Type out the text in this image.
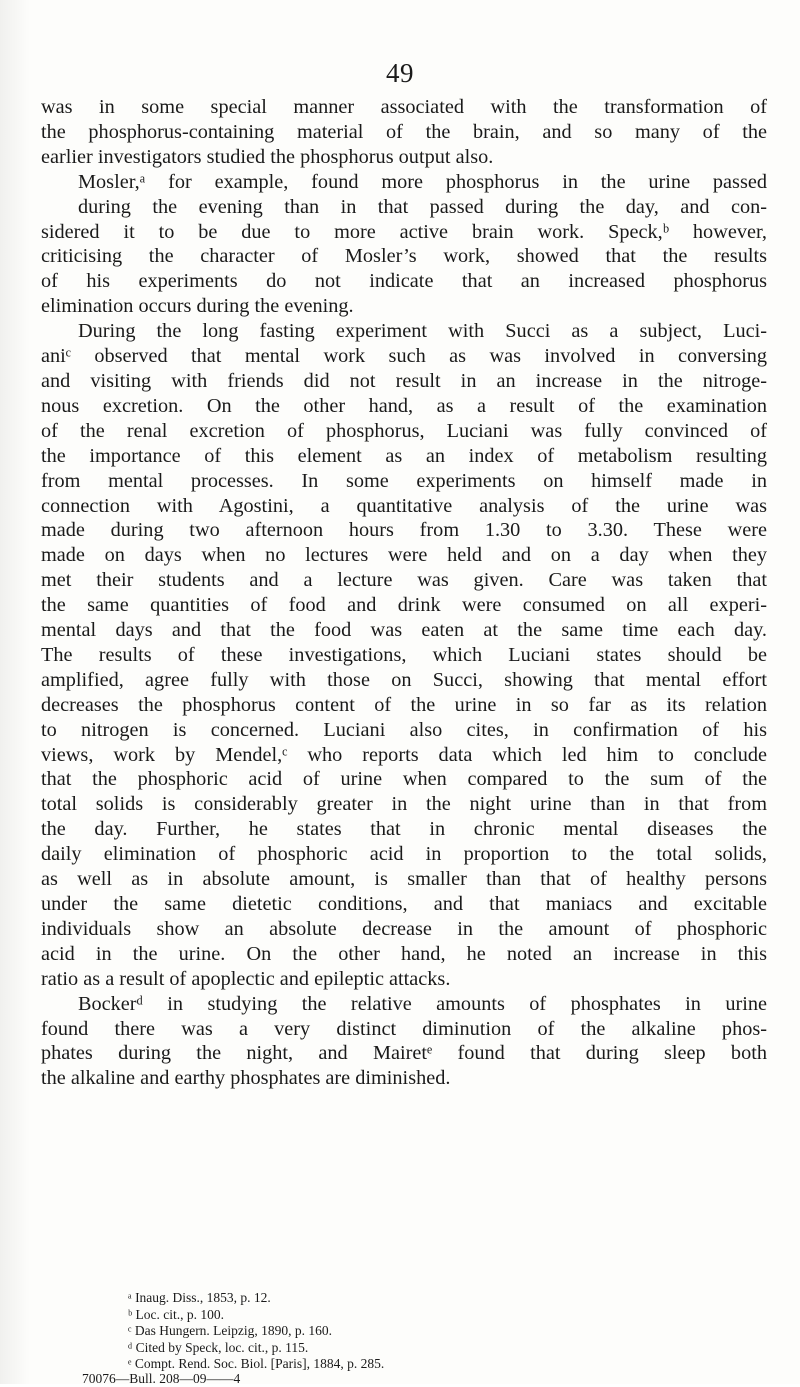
49

was in some special manner associated with the transformation of
the phosphorus-containing material of the brain, and so many of the
earlier investigators studied the phosphorus output also.

Mosler,ᵃ for example, found more phosphorus in the urine passed
during the evening than in that passed during the day, and con-
sidered it to be due to more active brain work. Speck,ᵇ however,
criticising the character of Mosler’s work, showed that the results
of his experiments do not indicate that an increased phosphorus
elimination occurs during the evening.

During the long fasting experiment with Succi as a subject, Luci-
aniᶜ observed that mental work such as was involved in conversing
and visiting with friends did not result in an increase in the nitroge-
nous excretion. On the other hand, as a result of the examination
of the renal excretion of phosphorus, Luciani was fully convinced of
the importance of this element as an index of metabolism resulting
from mental processes. In some experiments on himself made in
connection with Agostini, a quantitative analysis of the urine was
made during two afternoon hours from 1.30 to 3.30. These were
made on days when no lectures were held and on a day when they
met their students and a lecture was given. Care was taken that
the same quantities of food and drink were consumed on all experi-
mental days and that the food was eaten at the same time each day.
The results of these investigations, which Luciani states should be
amplified, agree fully with those on Succi, showing that mental effort
decreases the phosphorus content of the urine in so far as its relation
to nitrogen is concerned. Luciani also cites, in confirmation of his
views, work by Mendel,ᶜ who reports data which led him to conclude
that the phosphoric acid of urine when compared to the sum of the
total solids is considerably greater in the night urine than in that from
the day. Further, he states that in chronic mental diseases the
daily elimination of phosphoric acid in proportion to the total solids,
as well as in absolute amount, is smaller than that of healthy persons
under the same dietetic conditions, and that maniacs and excitable
individuals show an absolute decrease in the amount of phosphoric
acid in the urine. On the other hand, he noted an increase in this
ratio as a result of apoplectic and epileptic attacks.

Bockerᵈ in studying the relative amounts of phosphates in urine
found there was a very distinct diminution of the alkaline phos-
phates during the night, and Mairetᵉ found that during sleep both
the alkaline and earthy phosphates are diminished.

ᵃ Inaug. Diss., 1853, p. 12.
ᵇ Loc. cit., p. 100.
ᶜ Das Hungern. Leipzig, 1890, p. 160.
ᵈ Cited by Speck, loc. cit., p. 115.
ᵉ Compt. Rend. Soc. Biol. [Paris], 1884, p. 285.
70076—Bull. 208—09——4
